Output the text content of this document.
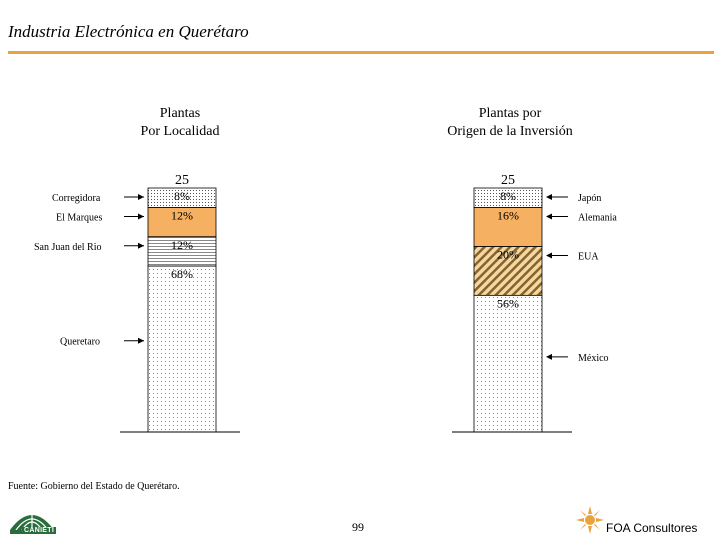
Industria Electrónica en Querétaro
Plantas
Por Localidad
Plantas por
Origen de la Inversión
25
8%
Corregidora
12%
El Marques
12%
San Juan del Rio
68%
Queretaro
25
8%	Japón
16%	Alemania
20%	EUA
56%
México
Fuente: Gobierno del Estado de Querétaro.
CANIETI	99	FOA Consultores
